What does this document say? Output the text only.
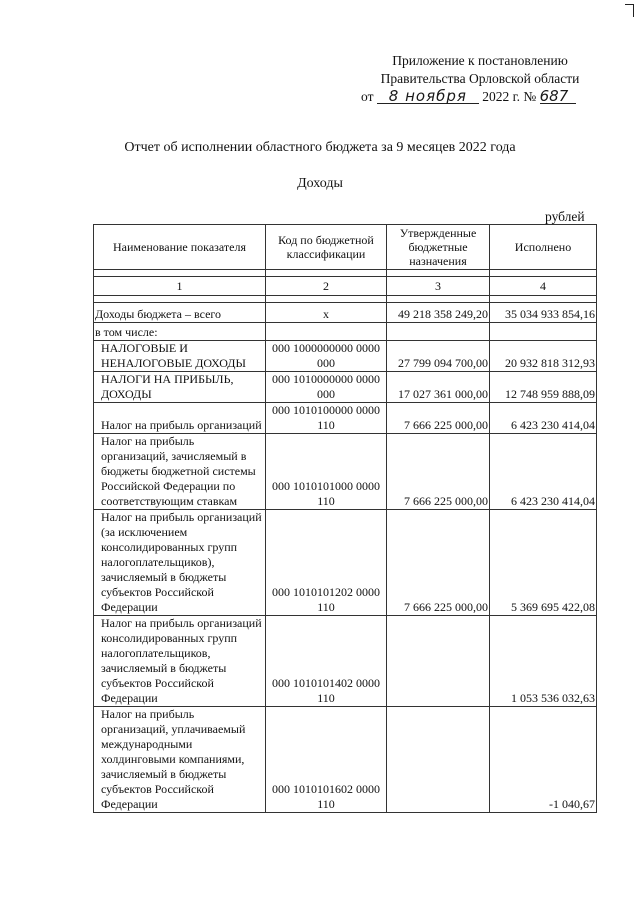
Приложение к постановлению
Правительства Орловской области
от 8 ноября 2022 г. № 687
Отчет об исполнении областного бюджета за 9 месяцев 2022 года
Доходы
рублей
Наименование показателя	Код по бюджетной классификации	Утвержденные бюджетные назначения	Исполнено

1	2	3	4

Доходы бюджета – всего	x	49 218 358 249,20	35 034 933 854,16
в том числе:			

НАЛОГОВЫЕ И НЕНАЛОГОВЫЕ ДОХОДЫ	000 1000000000 0000 000	27 799 094 700,00	20 932 818 312,93

НАЛОГИ НА ПРИБЫЛЬ, ДОХОДЫ	000 1010000000 0000 000	17 027 361 000,00	12 748 959 888,09

Налог на прибыль организаций	000 1010100000 0000 110	7 666 225 000,00	6 423 230 414,04

Налог на прибыль организаций, зачисляемый в бюджеты бюджетной системы Российской Федерации по соответствующим ставкам	000 1010101000 0000 110	7 666 225 000,00	6 423 230 414,04

Налог на прибыль организаций (за исключением консолидированных групп налогоплательщиков), зачисляемый в бюджеты субъектов Российской Федерации	000 1010101202 0000 110	7 666 225 000,00	5 369 695 422,08

Налог на прибыль организаций консолидированных групп налогоплательщиков, зачисляемый в бюджеты субъектов Российской Федерации	000 1010101402 0000 110		1 053 536 032,63

Налог на прибыль организаций, уплачиваемый международными холдинговыми компаниями, зачисляемый в бюджеты субъектов Российской Федерации	000 1010101602 0000 110		-1 040,67
